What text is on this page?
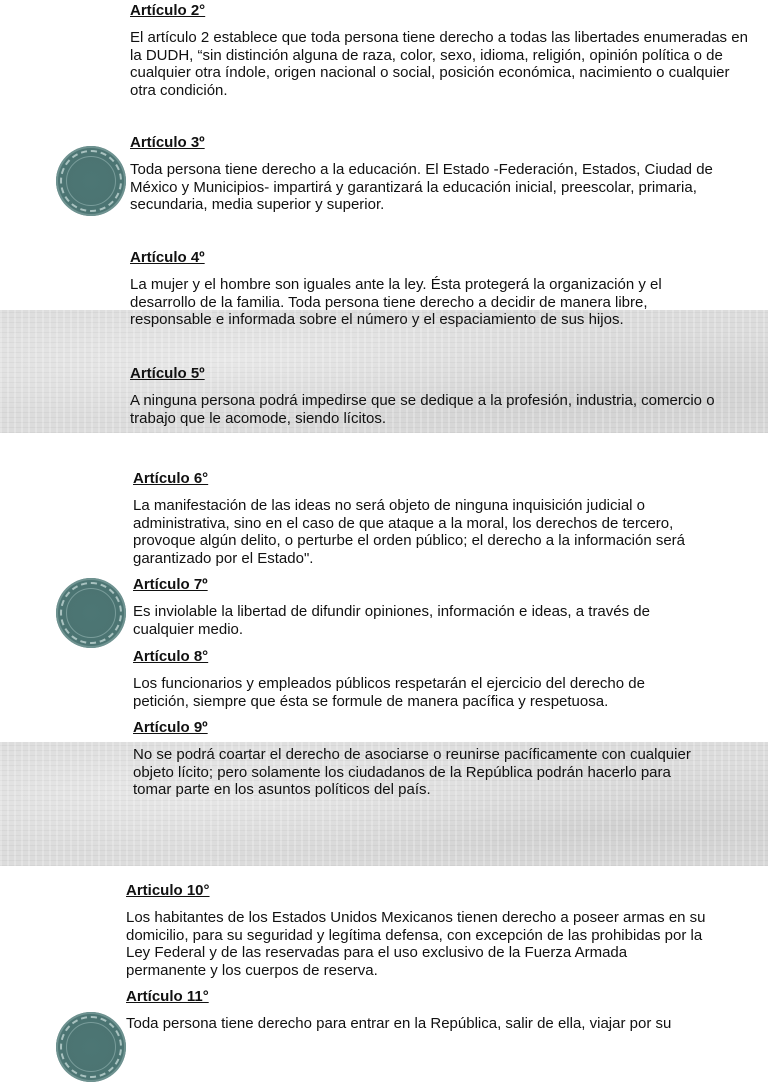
Artículo 2°

El artículo 2 establece que toda persona tiene derecho a todas las libertades enumeradas en la DUDH, “sin distinción alguna de raza, color, sexo, idioma, religión, opinión política o de cualquier otra índole, origen nacional o social, posición económica, nacimiento o cualquier otra condición.

Artículo 3º

Toda persona tiene derecho a la educación. El Estado -Federación, Estados, Ciudad de México y Municipios- impartirá y garantizará la educación inicial, preescolar, primaria, secundaria, media superior y superior.

Artículo 4º

La mujer y el hombre son iguales ante la ley. Ésta protegerá la organización y el desarrollo de la familia. Toda persona tiene derecho a decidir de manera libre, responsable e informada sobre el número y el espaciamiento de sus hijos.

Artículo 5º

A ninguna persona podrá impedirse que se dedique a la profesión, industria, comercio o trabajo que le acomode, siendo lícitos.

Artículo 6°

La manifestación de las ideas no será objeto de ninguna inquisición judicial o administrativa, sino en el caso de que ataque a la moral, los derechos de tercero, provoque algún delito, o perturbe el orden público; el derecho a la información será garantizado por el Estado".

Artículo 7º

Es inviolable la libertad de difundir opiniones, información e ideas, a través de cualquier medio.

Artículo 8°

Los funcionarios y empleados públicos respetarán el ejercicio del derecho de petición, siempre que ésta se formule de manera pacífica y respetuosa.

Artículo 9º

No se podrá coartar el derecho de asociarse o reunirse pacíficamente con cualquier objeto lícito; pero solamente los ciudadanos de la República podrán hacerlo para tomar parte en los asuntos políticos del país.

Articulo 10°

Los habitantes de los Estados Unidos Mexicanos tienen derecho a poseer armas en su domicilio, para su seguridad y legítima defensa, con excepción de las prohibidas por la Ley Federal y de las reservadas para el uso exclusivo de la Fuerza Armada permanente y los cuerpos de reserva.

Artículo 11°

Toda persona tiene derecho para entrar en la República, salir de ella, viajar por su
